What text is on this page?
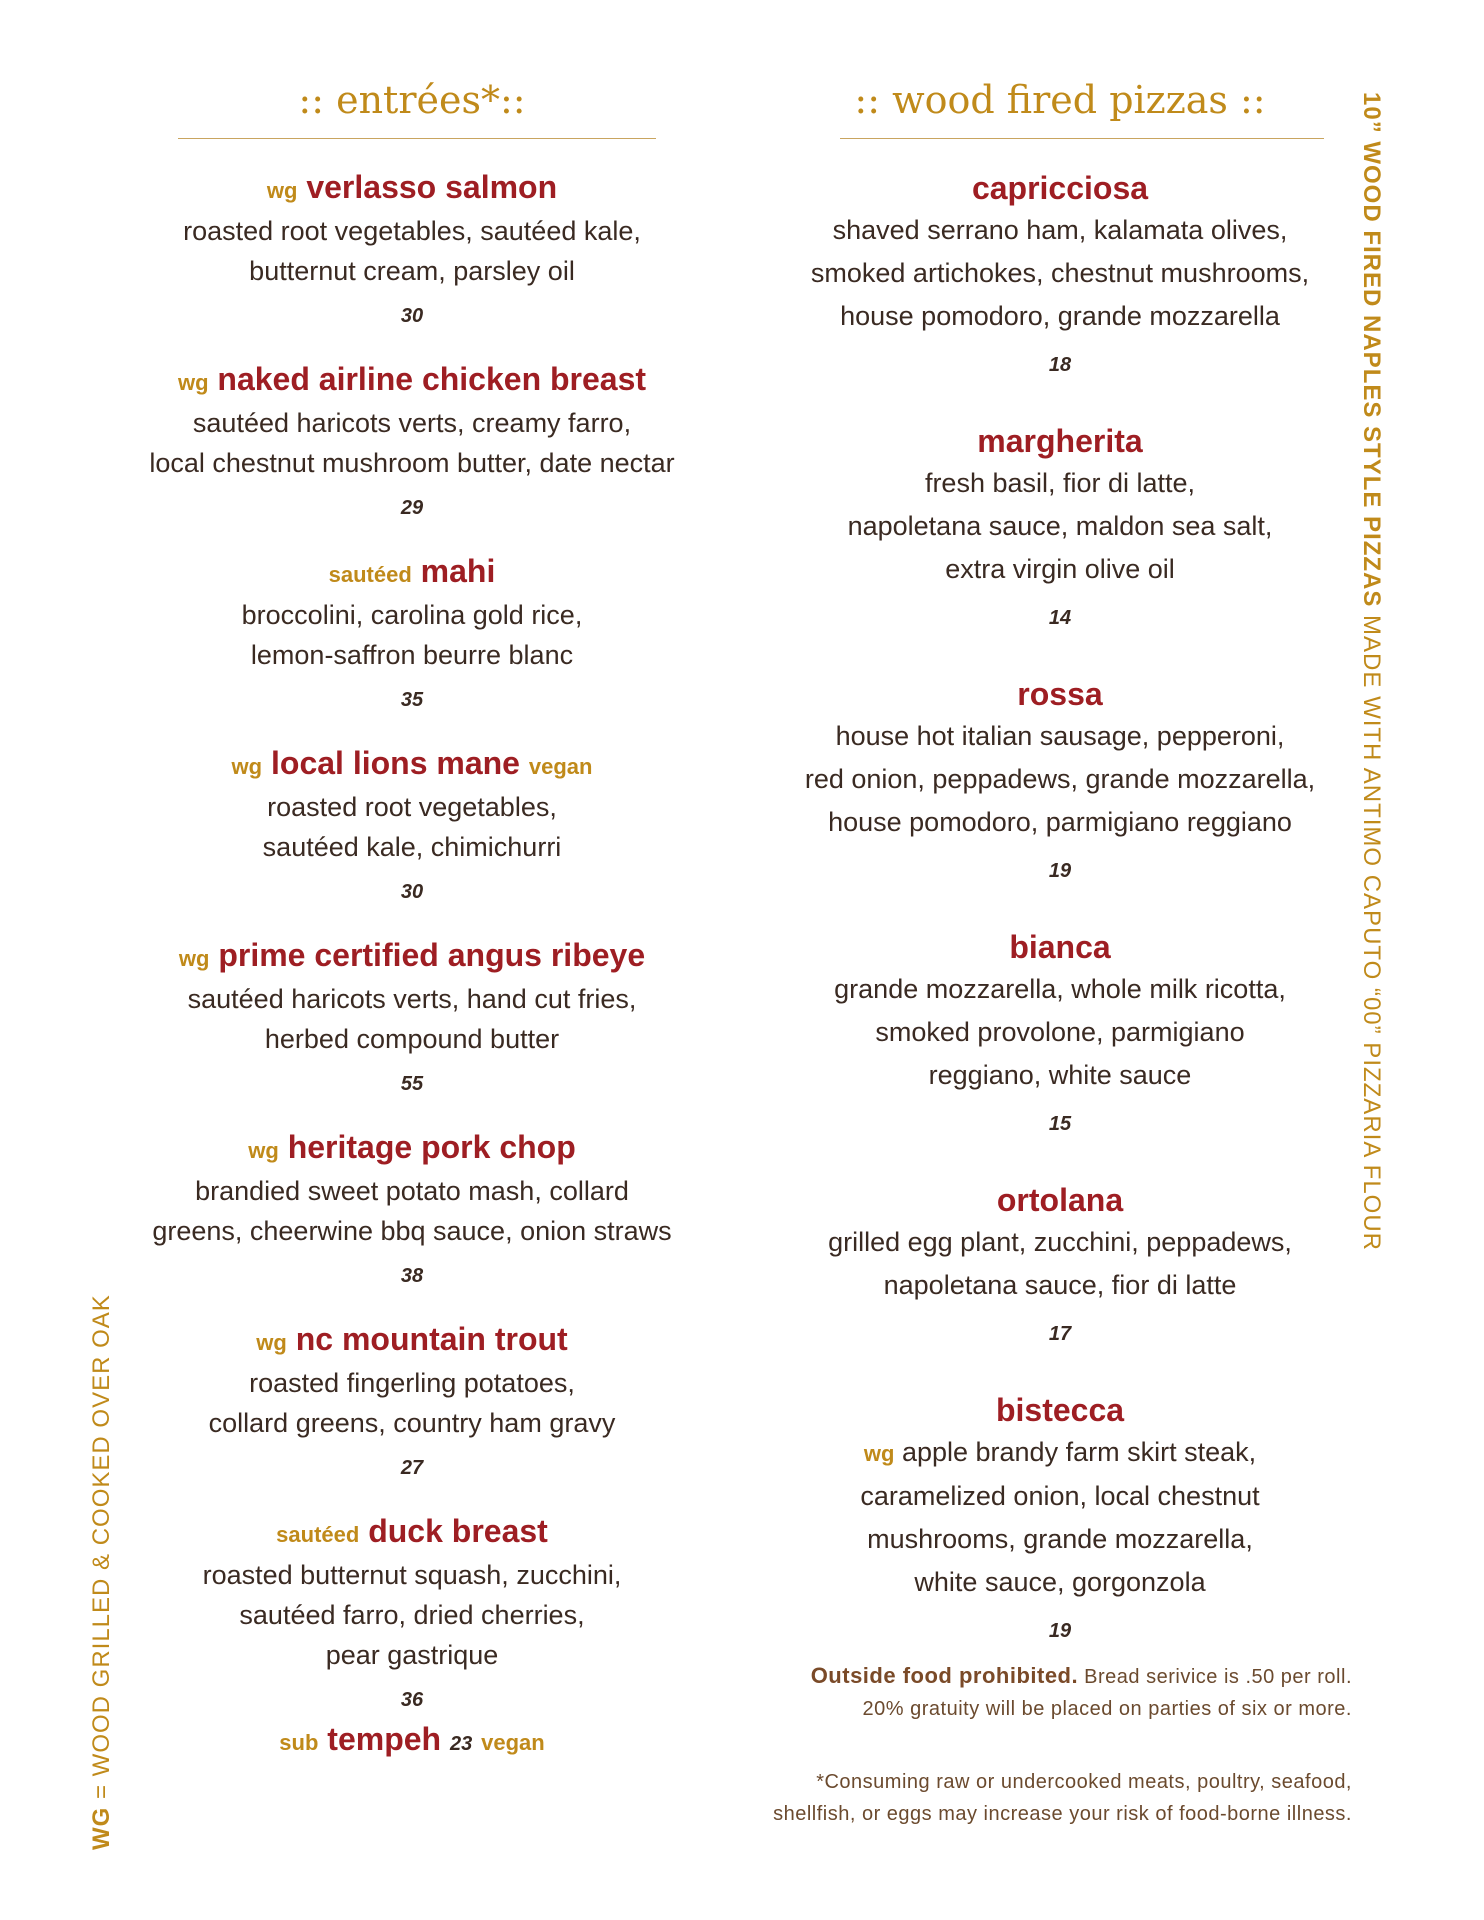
:: entrées*::
wg verlasso salmon
roasted root vegetables, sautéed kale,
butternut cream, parsley oil
30
wg naked airline chicken breast
sautéed haricots verts, creamy farro,
local chestnut mushroom butter, date nectar
29
sautéed mahi
broccolini, carolina gold rice,
lemon-saffron beurre blanc
35
wg local lions mane vegan
roasted root vegetables,
sautéed kale, chimichurri
30
wg prime certified angus ribeye
sautéed haricots verts, hand cut fries,
herbed compound butter
55
wg heritage pork chop
brandied sweet potato mash, collard
greens, cheerwine bbq sauce, onion straws
38
wg nc mountain trout
roasted fingerling potatoes,
collard greens, country ham gravy
27
sautéed duck breast
roasted butternut squash, zucchini,
sautéed farro, dried cherries,
pear gastrique
36
sub tempeh 23 vegan
:: wood fired pizzas ::
capricciosa
shaved serrano ham, kalamata olives,
smoked artichokes, chestnut mushrooms,
house pomodoro, grande mozzarella
18
margherita
fresh basil, fior di latte,
napoletana sauce, maldon sea salt,
extra virgin olive oil
14
rossa
house hot italian sausage, pepperoni,
red onion, peppadews, grande mozzarella,
house pomodoro, parmigiano reggiano
19
bianca
grande mozzarella, whole milk ricotta,
smoked provolone, parmigiano
reggiano, white sauce
15
ortolana
grilled egg plant, zucchini, peppadews,
napoletana sauce, fior di latte
17
bistecca
wg apple brandy farm skirt steak,
caramelized onion, local chestnut
mushrooms, grande mozzarella,
white sauce, gorgonzola
19
Outside food prohibited. Bread serivice is .50 per roll.
20% gratuity will be placed on parties of six or more.
*Consuming raw or undercooked meats, poultry, seafood,
shellfish, or eggs may increase your risk of food-borne illness.
WG = WOOD GRILLED & COOKED OVER OAK
10” WOOD FIRED NAPLES STYLE PIZZAS MADE WITH ANTIMO CAPUTO “00” PIZZARIA FLOUR
